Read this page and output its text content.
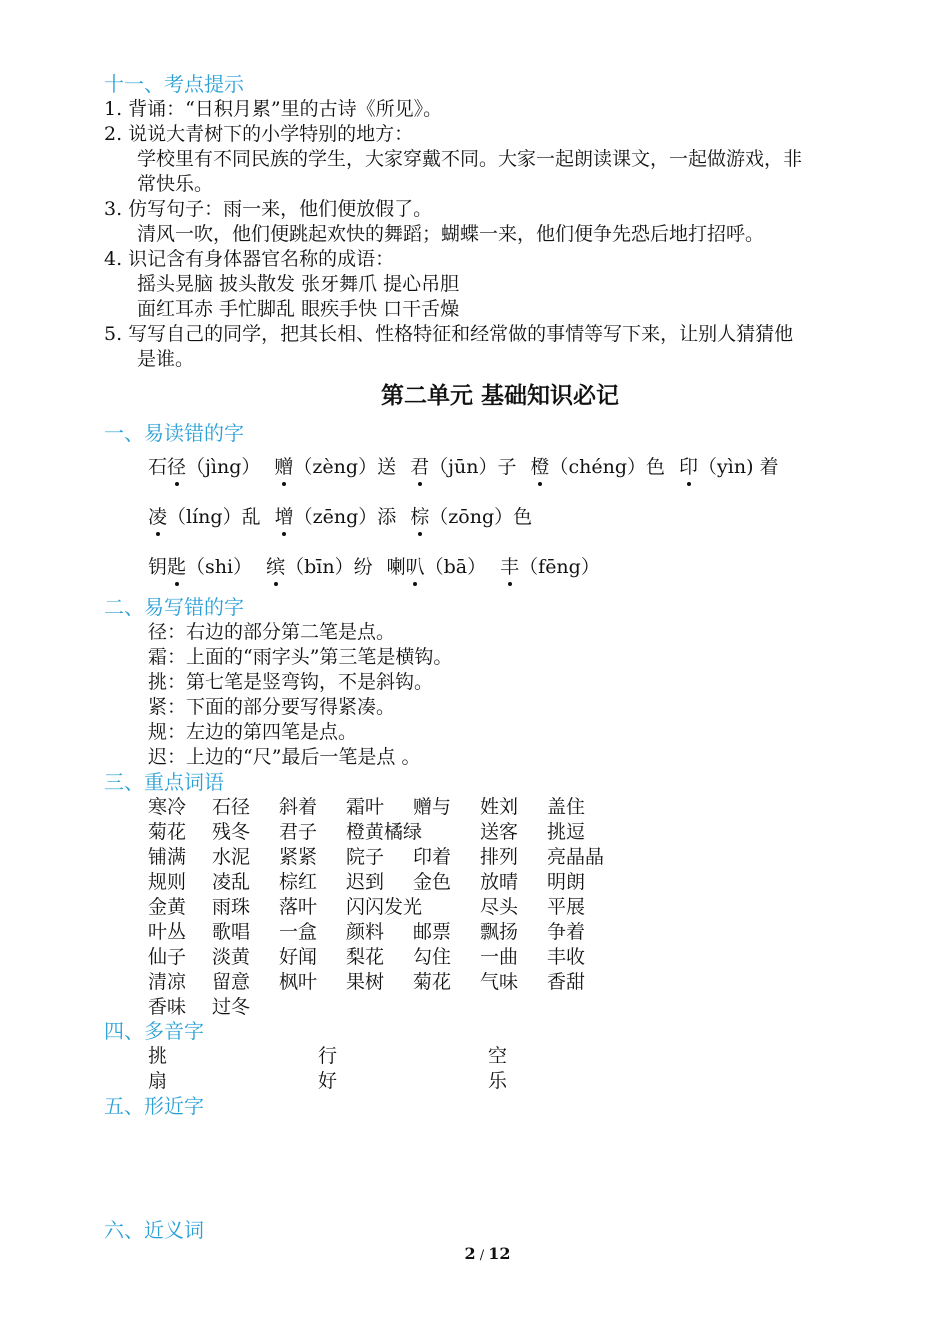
十一、考点提示
1. 背诵：“日积月累”里的古诗《所见》。
2. 说说大青树下的小学特别的地方：
学校里有不同民族的学生，大家穿戴不同。大家一起朗读课文，一起做游戏，非
常快乐。
3. 仿写句子：雨一来，他们便放假了。
清风一吹，他们便跳起欢快的舞蹈；蝴蝶一来，他们便争先恐后地打招呼。
4. 识记含有身体器官名称的成语：
摇头晃脑 披头散发 张牙舞爪 提心吊胆
面红耳赤 手忙脚乱 眼疾手快 口干舌燥
5. 写写自己的同学，把其长相、性格特征和经常做的事情等写下来，让别人猜猜他
是谁。
第二单元 基础知识必记
一、易读错的字
石径（jìng） 赠（zèng）送 君（jūn）子 橙（chéng）色 印（yìn) 着
凌（líng）乱 增（zēng）添 棕（zōng）色
钥匙（shi） 缤（bīn）纷 喇叭（bā） 丰（fēng）
二、易写错的字
径：右边的部分第二笔是点。
霜：上面的“雨字头”第三笔是横钩。
挑：第七笔是竖弯钩，不是斜钩。
紧：下面的部分要写得紧凑。
规：左边的第四笔是点。
迟：上边的“尺”最后一笔是点 。
三、重点词语
寒冷 石径 斜着 霜叶 赠与 姓刘 盖住
菊花 残冬 君子 橙黄橘绿	送客 挑逗
铺满 水泥 紧紧 院子 印着 排列 亮晶晶
规则 凌乱 棕红 迟到 金色 放晴 明朗
金黄 雨珠 落叶 闪闪发光	尽头 平展
叶丛 歌唱 一盒 颜料 邮票 飘扬 争着
仙子 淡黄 好闻 梨花 勾住 一曲 丰收
清凉 留意 枫叶 果树 菊花 气味 香甜
香味 过冬
四、多音字
挑	行	空
扇	好	乐
五、形近字
六、近义词
2 / 12
